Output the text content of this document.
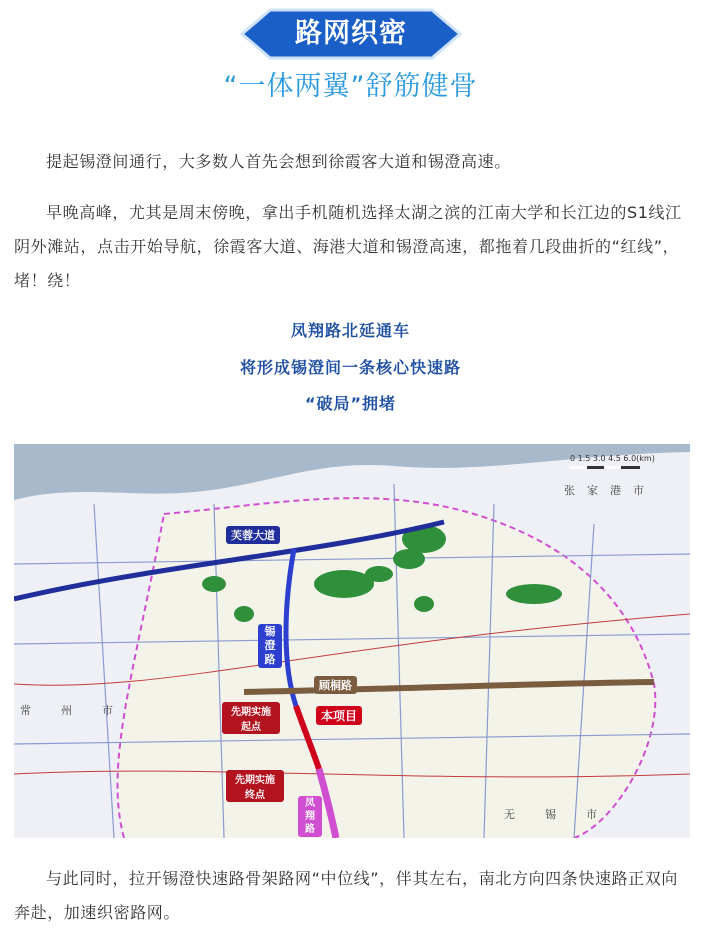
路网织密
“一体两翼”舒筋健骨
提起锡澄间通行，大多数人首先会想到徐霞客大道和锡澄高速。
早晚高峰，尤其是周末傍晚，拿出手机随机选择太湖之滨的江南大学和长江边的S1线江阴外滩站，点击开始导航，徐霞客大道、海港大道和锡澄高速，都拖着几段曲折的“红线”，堵！绕！
凤翔路北延通车
将形成锡澄间一条核心快速路
“破局”拥堵
0 1.5 3.0 4.5 6.0(km)
芙蓉大道
锡澄路
顾桐路
先期实施起点
本项目
先期实施终点
凤翔路
张家港市
常州市
无锡市
与此同时，拉开锡澄快速路骨架路网“中位线”，伴其左右，南北方向四条快速路正双向奔赴，加速织密路网。
